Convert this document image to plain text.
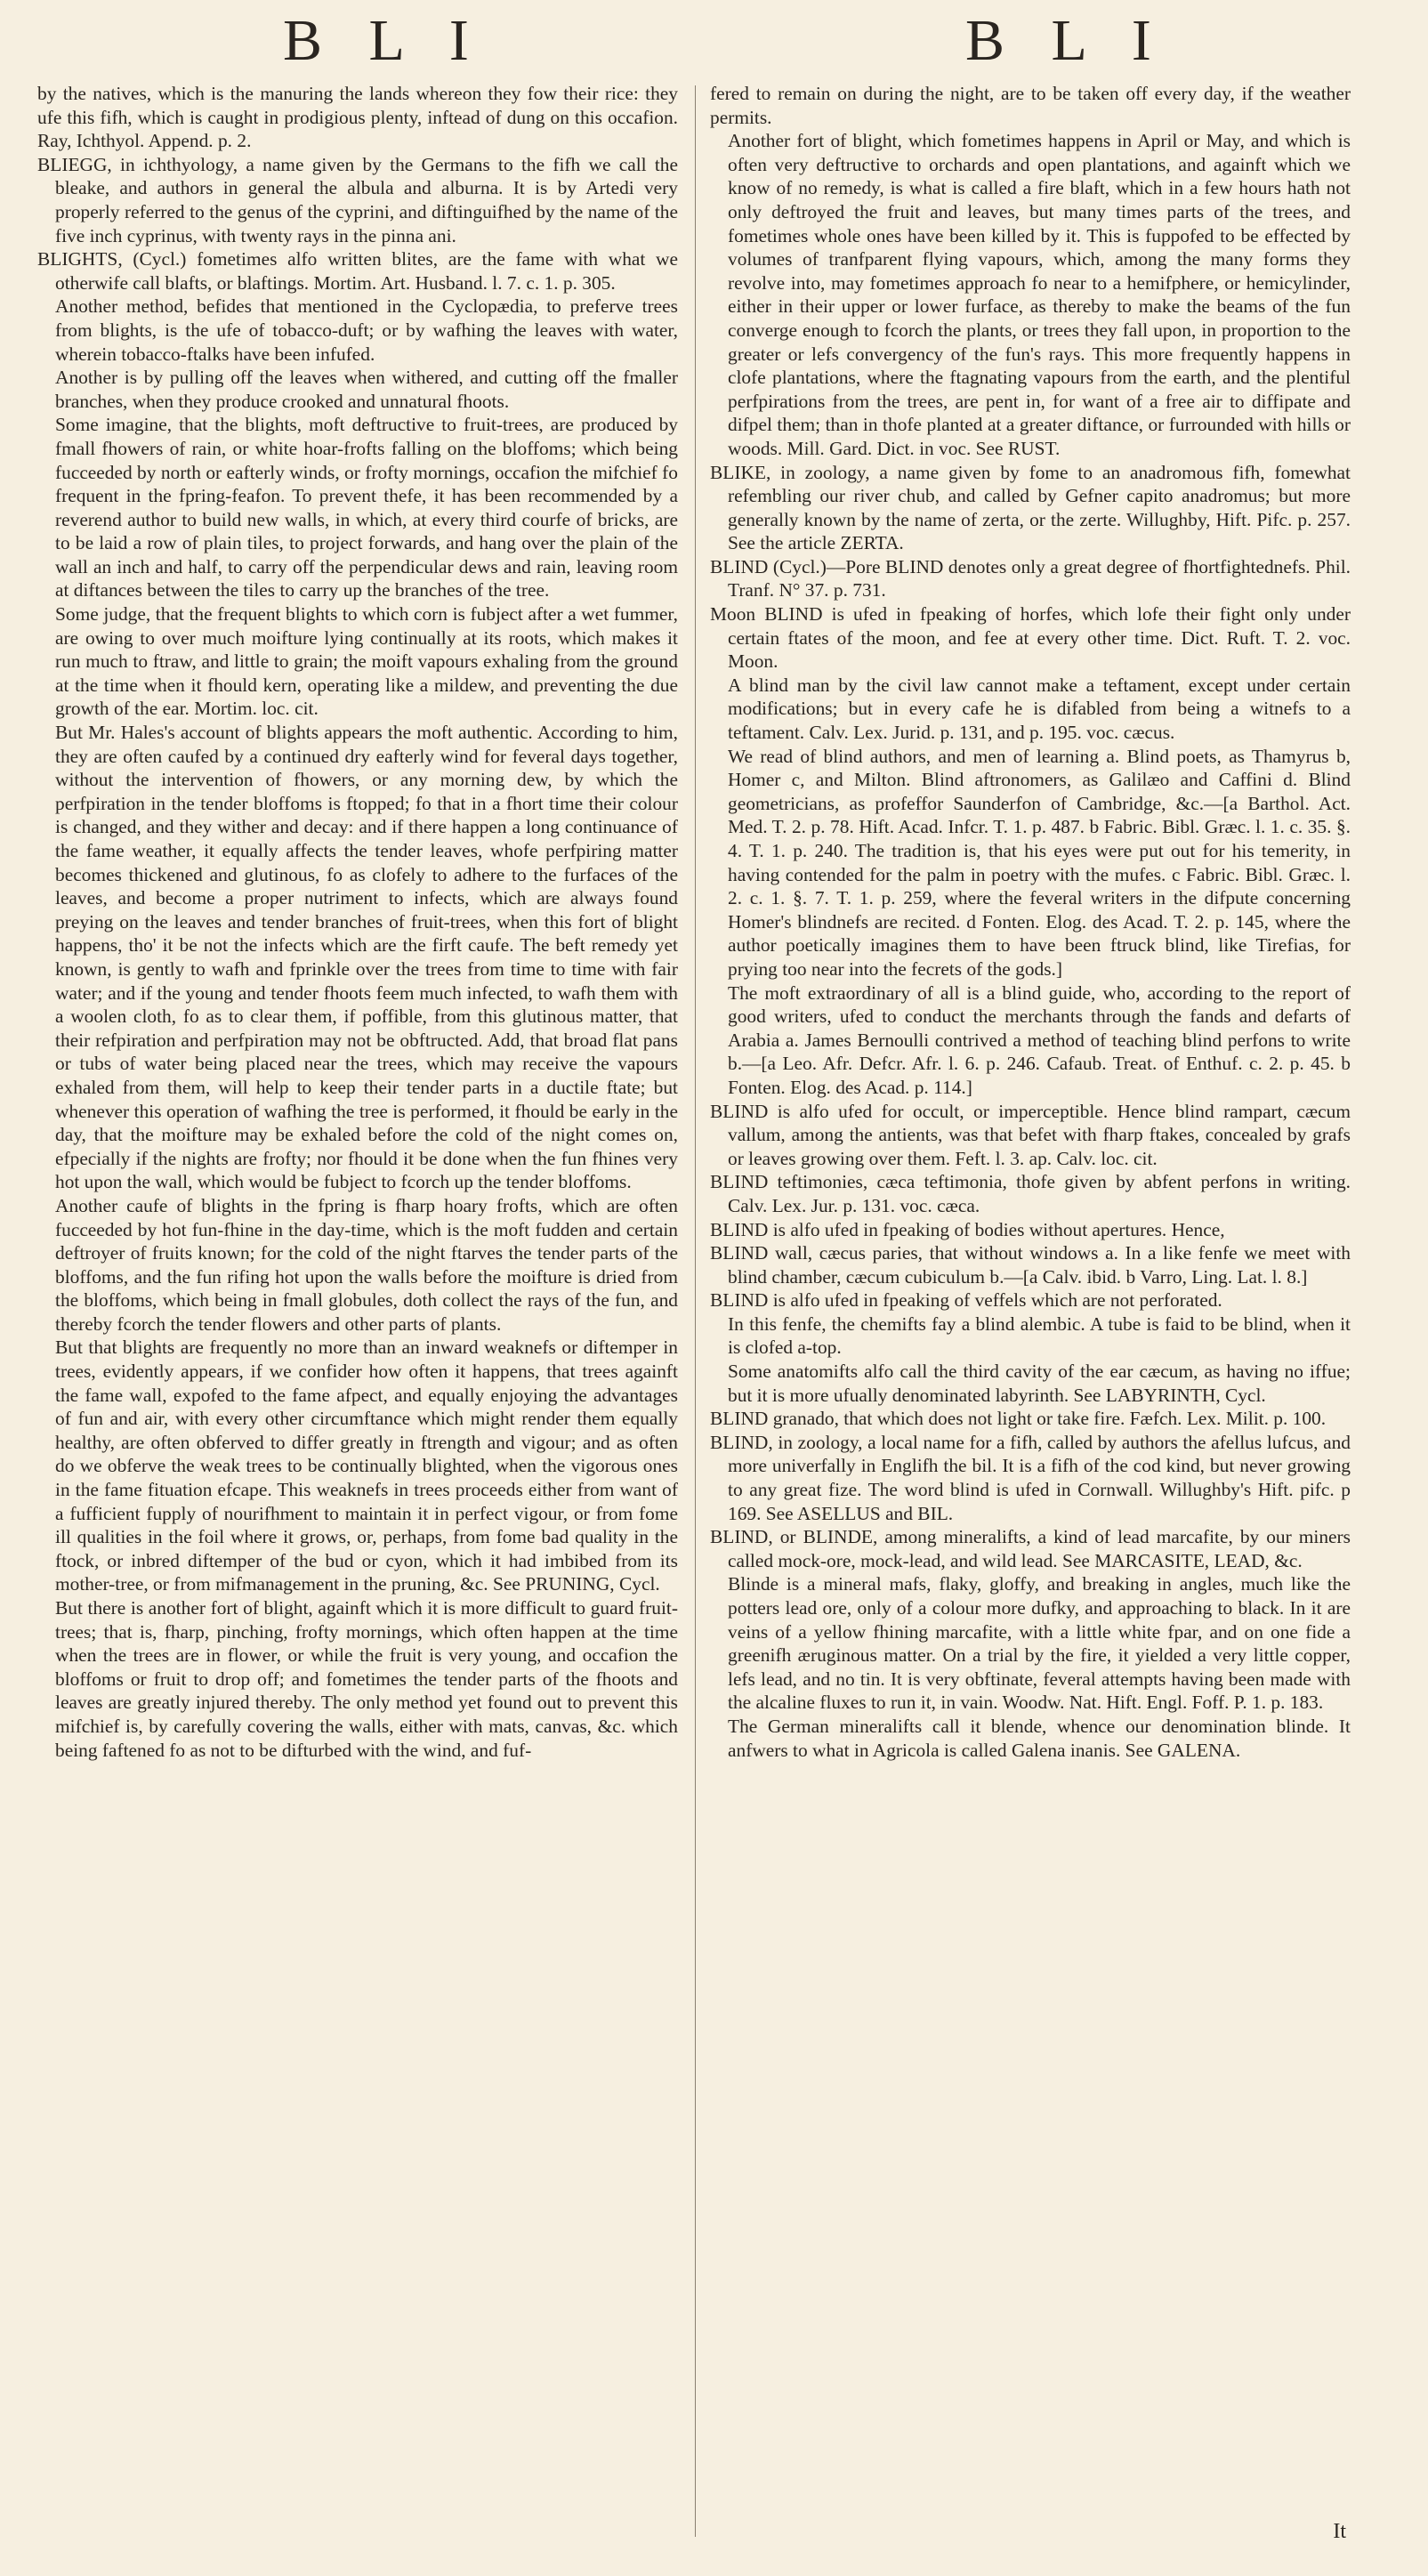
B L I	B L I

by the natives, which is the manuring the lands whereon they fow their rice: they ufe this fifh, which is caught in prodigious plenty, inftead of dung on this occafion. Ray, Ichthyol. Append. p. 2.

BLIEGG, in ichthyology, a name given by the Germans to the fifh we call the bleake, and authors in general the albula and alburna. It is by Artedi very properly referred to the genus of the cyprini, and diftinguifhed by the name of the five inch cyprinus, with twenty rays in the pinna ani.

BLIGHTS, (Cycl.) fometimes alfo written blites, are the fame with what we otherwife call blafts, or blaftings. Mortim. Art. Husband. l. 7. c. 1. p. 305.

Another method, befides that mentioned in the Cyclopædia, to preferve trees from blights, is the ufe of tobacco-duft; or by wafhing the leaves with water, wherein tobacco-ftalks have been infufed.

Another is by pulling off the leaves when withered, and cutting off the fmaller branches, when they produce crooked and unnatural fhoots.

Some imagine, that the blights, moft deftructive to fruit-trees, are produced by fmall fhowers of rain, or white hoar-frofts falling on the bloffoms; which being fucceeded by north or eafterly winds, or frofty mornings, occafion the mifchief fo frequent in the fpring-feafon. To prevent thefe, it has been recommended by a reverend author to build new walls, in which, at every third courfe of bricks, are to be laid a row of plain tiles, to project forwards, and hang over the plain of the wall an inch and half, to carry off the perpendicular dews and rain, leaving room at diftances between the tiles to carry up the branches of the tree.

Some judge, that the frequent blights to which corn is fubject after a wet fummer, are owing to over much moifture lying continually at its roots, which makes it run much to ftraw, and little to grain; the moift vapours exhaling from the ground at the time when it fhould kern, operating like a mildew, and preventing the due growth of the ear. Mortim. loc. cit.

But Mr. Hales's account of blights appears the moft authentic. According to him, they are often caufed by a continued dry eafterly wind for feveral days together, without the intervention of fhowers, or any morning dew, by which the perfpiration in the tender bloffoms is ftopped; fo that in a fhort time their colour is changed, and they wither and decay: and if there happen a long continuance of the fame weather, it equally affects the tender leaves, whofe perfpiring matter becomes thickened and glutinous, fo as clofely to adhere to the furfaces of the leaves, and become a proper nutriment to infects, which are always found preying on the leaves and tender branches of fruit-trees, when this fort of blight happens, tho' it be not the infects which are the firft caufe. The beft remedy yet known, is gently to wafh and fprinkle over the trees from time to time with fair water; and if the young and tender fhoots feem much infected, to wafh them with a woolen cloth, fo as to clear them, if poffible, from this glutinous matter, that their refpiration and perfpiration may not be obftructed. Add, that broad flat pans or tubs of water being placed near the trees, which may receive the vapours exhaled from them, will help to keep their tender parts in a ductile ftate; but whenever this operation of wafhing the tree is performed, it fhould be early in the day, that the moifture may be exhaled before the cold of the night comes on, efpecially if the nights are frofty; nor fhould it be done when the fun fhines very hot upon the wall, which would be fubject to fcorch up the tender bloffoms.

Another caufe of blights in the fpring is fharp hoary frofts, which are often fucceeded by hot fun-fhine in the day-time, which is the moft fudden and certain deftroyer of fruits known; for the cold of the night ftarves the tender parts of the bloffoms, and the fun rifing hot upon the walls before the moifture is dried from the bloffoms, which being in fmall globules, doth collect the rays of the fun, and thereby fcorch the tender flowers and other parts of plants.

But that blights are frequently no more than an inward weaknefs or diftemper in trees, evidently appears, if we confider how often it happens, that trees againft the fame wall, expofed to the fame afpect, and equally enjoying the advantages of fun and air, with every other circumftance which might render them equally healthy, are often obferved to differ greatly in ftrength and vigour; and as often do we obferve the weak trees to be continually blighted, when the vigorous ones in the fame fituation efcape. This weaknefs in trees proceeds either from want of a fufficient fupply of nourifhment to maintain it in perfect vigour, or from fome ill qualities in the foil where it grows, or, perhaps, from fome bad quality in the ftock, or inbred diftemper of the bud or cyon, which it had imbibed from its mother-tree, or from mifmanagement in the pruning, &c. See PRUNING, Cycl.

But there is another fort of blight, againft which it is more difficult to guard fruit-trees; that is, fharp, pinching, frofty mornings, which often happen at the time when the trees are in flower, or while the fruit is very young, and occafion the bloffoms or fruit to drop off; and fometimes the tender parts of the fhoots and leaves are greatly injured thereby. The only method yet found out to prevent this mifchief is, by carefully covering the walls, either with mats, canvas, &c. which being faftened fo as not to be difturbed with the wind, and fuf-

fered to remain on during the night, are to be taken off every day, if the weather permits.

Another fort of blight, which fometimes happens in April or May, and which is often very deftructive to orchards and open plantations, and againft which we know of no remedy, is what is called a fire blaft, which in a few hours hath not only deftroyed the fruit and leaves, but many times parts of the trees, and fometimes whole ones have been killed by it. This is fuppofed to be effected by volumes of tranfparent flying vapours, which, among the many forms they revolve into, may fometimes approach fo near to a hemifphere, or hemicylinder, either in their upper or lower furface, as thereby to make the beams of the fun converge enough to fcorch the plants, or trees they fall upon, in proportion to the greater or lefs convergency of the fun's rays. This more frequently happens in clofe plantations, where the ftagnating vapours from the earth, and the plentiful perfpirations from the trees, are pent in, for want of a free air to diffipate and difpel them; than in thofe planted at a greater diftance, or furrounded with hills or woods. Mill. Gard. Dict. in voc. See RUST.

BLIKE, in zoology, a name given by fome to an anadromous fifh, fomewhat refembling our river chub, and called by Gefner capito anadromus; but more generally known by the name of zerta, or the zerte. Willughby, Hift. Pifc. p. 257. See the article ZERTA.

BLIND (Cycl.)—Pore BLIND denotes only a great degree of fhortfightednefs. Phil. Tranf. N° 37. p. 731.

Moon BLIND is ufed in fpeaking of horfes, which lofe their fight only under certain ftates of the moon, and fee at every other time. Dict. Ruft. T. 2. voc. Moon.

A blind man by the civil law cannot make a teftament, except under certain modifications; but in every cafe he is difabled from being a witnefs to a teftament. Calv. Lex. Jurid. p. 131, and p. 195. voc. cæcus.

We read of blind authors, and men of learning a. Blind poets, as Thamyrus b, Homer c, and Milton. Blind aftronomers, as Galilæo and Caffini d. Blind geometricians, as profeffor Saunderfon of Cambridge, &c.—[a Barthol. Act. Med. T. 2. p. 78. Hift. Acad. Infcr. T. 1. p. 487. b Fabric. Bibl. Græc. l. 1. c. 35. §. 4. T. 1. p. 240. The tradition is, that his eyes were put out for his temerity, in having contended for the palm in poetry with the mufes. c Fabric. Bibl. Græc. l. 2. c. 1. §. 7. T. 1. p. 259, where the feveral writers in the difpute concerning Homer's blindnefs are recited. d Fonten. Elog. des Acad. T. 2. p. 145, where the author poetically imagines them to have been ftruck blind, like Tirefias, for prying too near into the fecrets of the gods.]

The moft extraordinary of all is a blind guide, who, according to the report of good writers, ufed to conduct the merchants through the fands and defarts of Arabia a. James Bernoulli contrived a method of teaching blind perfons to write b.—[a Leo. Afr. Defcr. Afr. l. 6. p. 246. Cafaub. Treat. of Enthuf. c. 2. p. 45. b Fonten. Elog. des Acad. p. 114.]

BLIND is alfo ufed for occult, or imperceptible. Hence blind rampart, cæcum vallum, among the antients, was that befet with fharp ftakes, concealed by grafs or leaves growing over them. Feft. l. 3. ap. Calv. loc. cit.

BLIND teftimonies, cæca teftimonia, thofe given by abfent perfons in writing. Calv. Lex. Jur. p. 131. voc. cæca.

BLIND is alfo ufed in fpeaking of bodies without apertures. Hence,

BLIND wall, cæcus paries, that without windows a. In a like fenfe we meet with blind chamber, cæcum cubiculum b.—[a Calv. ibid. b Varro, Ling. Lat. l. 8.]

BLIND is alfo ufed in fpeaking of veffels which are not perforated.

In this fenfe, the chemifts fay a blind alembic. A tube is faid to be blind, when it is clofed a-top.

Some anatomifts alfo call the third cavity of the ear cæcum, as having no iffue; but it is more ufually denominated labyrinth. See LABYRINTH, Cycl.

BLIND granado, that which does not light or take fire. Fæfch. Lex. Milit. p. 100.

BLIND, in zoology, a local name for a fifh, called by authors the afellus lufcus, and more univerfally in Englifh the bil. It is a fifh of the cod kind, but never growing to any great fize. The word blind is ufed in Cornwall. Willughby's Hift. pifc. p 169. See ASELLUS and BIL.

BLIND, or BLINDE, among mineralifts, a kind of lead marcafite, by our miners called mock-ore, mock-lead, and wild lead. See MARCASITE, LEAD, &c.

Blinde is a mineral mafs, flaky, gloffy, and breaking in angles, much like the potters lead ore, only of a colour more dufky, and approaching to black. In it are veins of a yellow fhining marcafite, with a little white fpar, and on one fide a greenifh æruginous matter. On a trial by the fire, it yielded a very little copper, lefs lead, and no tin. It is very obftinate, feveral attempts having been made with the alcaline fluxes to run it, in vain. Woodw. Nat. Hift. Engl. Foff. P. 1. p. 183.

The German mineralifts call it blende, whence our denomination blinde. It anfwers to what in Agricola is called Galena inanis. See GALENA.

It
